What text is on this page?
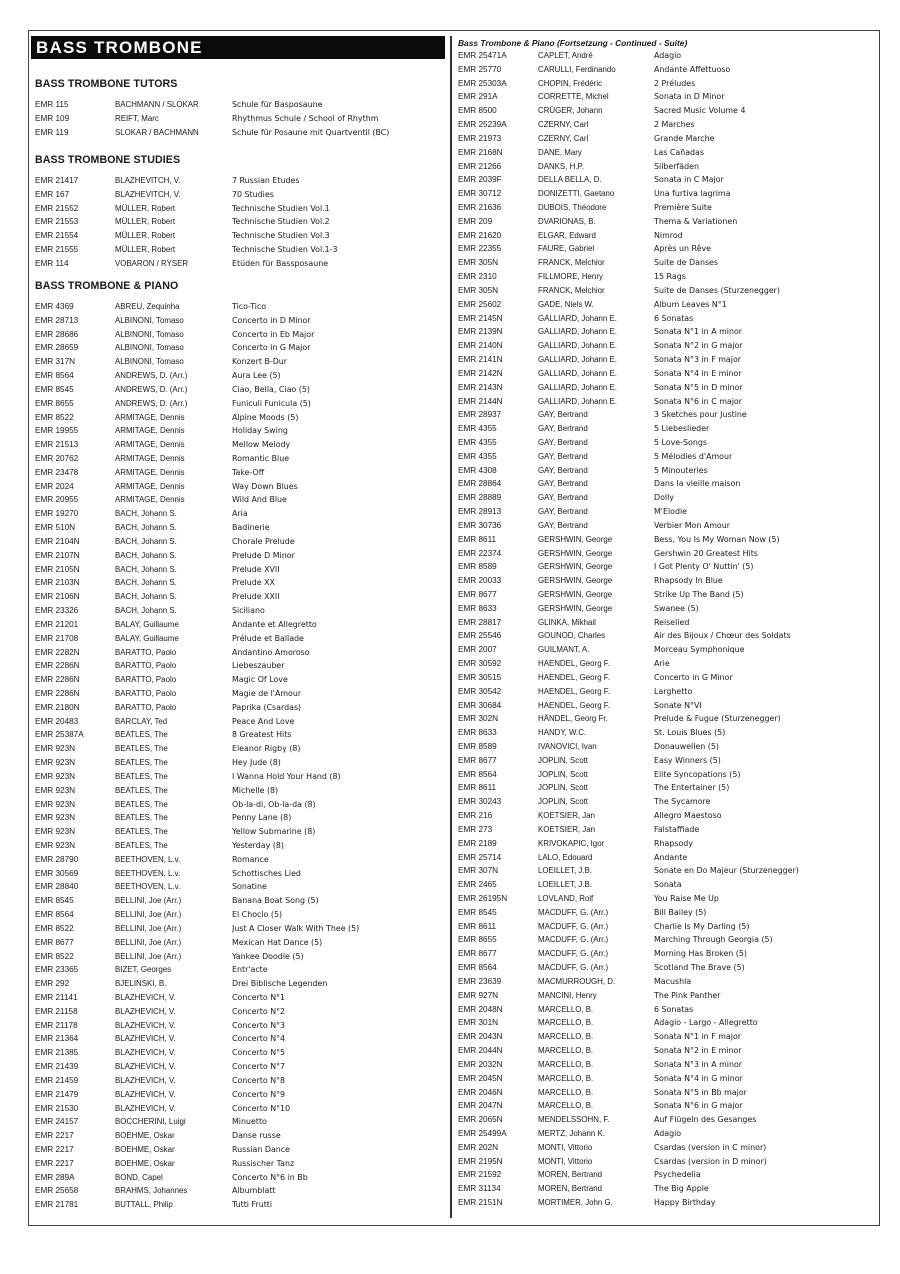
BASS TROMBONE
BASS TROMBONE TUTORS
EMR 115	BACHMANN / SLOKAR	Schule für Basposaune
EMR 109	REIFT, Marc	Rhythmus Schule / School of Rhythm
EMR 119	SLOKAR / BACHMANN	Schule für Posaune mit Quartventil (BC)
BASS TROMBONE STUDIES
EMR 21417	BLAZHEVITCH, V.	7 Russian Etudes
EMR 167	BLAZHEVITCH, V.	70 Studies
EMR 21552	MÜLLER, Robert	Technische Studien Vol.1
EMR 21553	MÜLLER, Robert	Technische Studien Vol.2
EMR 21554	MÜLLER, Robert	Technische Studien Vol.3
EMR 21555	MÜLLER, Robert	Technische Studien Vol.1-3
EMR 114	VOBARON / RYSER	Etüden für Bassposaune
BASS TROMBONE & PIANO
EMR 4369	ABREU, Zequinha	Tico-Tico
EMR 28713	ALBINONI, Tomaso	Concerto in D Minor
EMR 28686	ALBINONI, Tomaso	Concerto in Eb Major
EMR 28659	ALBINONI, Tomaso	Concerto in G Major
EMR 317N	ALBINONI, Tomaso	Konzert B-Dur
EMR 8564	ANDREWS, D. (Arr.)	Aura Lee (5)
EMR 8545	ANDREWS, D. (Arr.)	Ciao, Bella, Ciao (5)
EMR 8655	ANDREWS, D. (Arr.)	Funiculi Funicula (5)
EMR 8522	ARMITAGE, Dennis	Alpine Moods (5)
EMR 19955	ARMITAGE, Dennis	Holiday Swing
EMR 21513	ARMITAGE, Dennis	Mellow Melody
EMR 20762	ARMITAGE, Dennis	Romantic Blue
EMR 23478	ARMITAGE, Dennis	Take-Off
EMR 2024	ARMITAGE, Dennis	Way Down Blues
EMR 20955	ARMITAGE, Dennis	Wild And Blue
EMR 19270	BACH, Johann S.	Aria
EMR 510N	BACH, Johann S.	Badinerie
EMR 2104N	BACH, Johann S.	Chorale Prelude
EMR 2107N	BACH, Johann S.	Prelude D Minor
EMR 2105N	BACH, Johann S.	Prelude XVII
EMR 2103N	BACH, Johann S.	Prelude XX
EMR 2106N	BACH, Johann S.	Prelude XXII
EMR 23326	BACH, Johann S.	Siciliano
EMR 21201	BALAY, Guillaume	Andante et Allegretto
EMR 21708	BALAY, Guillaume	Prélude et Ballade
EMR 2282N	BARATTO, Paolo	Andantino Amoroso
EMR 2286N	BARATTO, Paolo	Liebeszauber
EMR 2286N	BARATTO, Paolo	Magic Of Love
EMR 2286N	BARATTO, Paolo	Magie de l'Amour
EMR 2180N	BARATTO, Paolo	Paprika (Csardas)
EMR 20483	BARCLAY, Ted	Peace And Love
EMR 25387A	BEATLES, The	8 Greatest Hits
EMR 923N	BEATLES, The	Eleanor Rigby (8)
EMR 923N	BEATLES, The	Hey Jude (8)
EMR 923N	BEATLES, The	I Wanna Hold Your Hand (8)
EMR 923N	BEATLES, The	Michelle (8)
EMR 923N	BEATLES, The	Ob-la-di, Ob-la-da (8)
EMR 923N	BEATLES, The	Penny Lane (8)
EMR 923N	BEATLES, The	Yellow Submarine (8)
EMR 923N	BEATLES, The	Yesterday (8)
EMR 28790	BEETHOVEN, L.v.	Romance
EMR 30569	BEETHOVEN, L.v.	Schottisches Lied
EMR 28840	BEETHOVEN, L.v.	Sonatine
EMR 8545	BELLINI, Joe (Arr.)	Banana Boat Song (5)
EMR 8564	BELLINI, Joe (Arr.)	El Choclo (5)
EMR 8522	BELLINI, Joe (Arr.)	Just A Closer Walk With Thee (5)
EMR 8677	BELLINI, Joe (Arr.)	Mexican Hat Dance (5)
EMR 8522	BELLINI, Joe (Arr.)	Yankee Doodle (5)
EMR 23365	BIZET, Georges	Entr'acte
EMR 292	BJELINSKI, B.	Drei Biblische Legenden
EMR 21141	BLAZHEVICH, V.	Concerto N°1
EMR 21158	BLAZHEVICH, V.	Concerto N°2
EMR 21178	BLAZHEVICH, V.	Concerto N°3
EMR 21364	BLAZHEVICH, V.	Concerto N°4
EMR 21385	BLAZHEVICH, V.	Concerto N°5
EMR 21439	BLAZHEVICH, V.	Concerto N°7
EMR 21459	BLAZHEVICH, V.	Concerto N°8
EMR 21479	BLAZHEVICH, V.	Concerto N°9
EMR 21530	BLAZHEVICH, V.	Concerto N°10
EMR 24157	BOCCHERINI, Luigi	Minuetto
EMR 2217	BOEHME, Oskar	Danse russe
EMR 2217	BOEHME, Oskar	Russian Dance
EMR 2217	BOEHME, Oskar	Russischer Tanz
EMR 289A	BOND, Capel	Concerto N°6 in Bb
EMR 25658	BRAHMS, Johannes	Albumblatt
EMR 21781	BUTTALL, Philip	Tutti Frutti
Bass Trombone & Piano (Fortsetzung - Continued - Suite)
EMR 25471A	CAPLET, André	Adagio
EMR 25770	CARULLI, Ferdinando	Andante Affettuoso
EMR 25303A	CHOPIN, Frédéric	2 Préludes
EMR 291A	CORRETTE, Michel	Sonata in D Minor
EMR 8500	CRÜGER, Johann	Sacred Music Volume 4
EMR 25239A	CZERNY, Carl	2 Marches
EMR 21973	CZERNY, Carl	Grande Marche
EMR 2168N	DANE, Mary	Las Cañadas
EMR 21266	DANKS, H.P.	Silberfäden
EMR 2039F	DELLA BELLA, D.	Sonata in C Major
EMR 30712	DONIZETTI, Gaetano	Una furtiva lagrima
EMR 21636	DUBOIS, Théodore	Première Suite
EMR 209	DVARIONAS, B.	Thema & Variationen
EMR 21620	ELGAR, Edward	Nimrod
EMR 22355	FAURE, Gabriel	Après un Rêve
EMR 305N	FRANCK, Melchior	Suite de Danses
EMR 2310	FILLMORE, Henry	15 Rags
EMR 305N	FRANCK, Melchior	Suite de Danses (Sturzenegger)
EMR 25602	GADE, Niels W.	Album Leaves N°1
EMR 2145N	GALLIARD, Johann E.	6 Sonatas
EMR 2139N	GALLIARD, Johann E.	Sonata N°1 in A minor
EMR 2140N	GALLIARD, Johann E.	Sonata N°2 in G major
EMR 2141N	GALLIARD, Johann E.	Sonata N°3 in F major
EMR 2142N	GALLIARD, Johann E.	Sonata N°4 in E minor
EMR 2143N	GALLIARD, Johann E.	Sonata N°5 in D minor
EMR 2144N	GALLIARD, Johann E.	Sonata N°6 in C major
EMR 28937	GAY, Bertrand	3 Sketches pour Justine
EMR 4355	GAY, Bertrand	5 Liebeslieder
EMR 4355	GAY, Bertrand	5 Love-Songs
EMR 4355	GAY, Bertrand	5 Mélodies d'Amour
EMR 4308	GAY, Bertrand	5 Minouteries
EMR 28864	GAY, Bertrand	Dans la vieille maison
EMR 28889	GAY, Bertrand	Dolly
EMR 28913	GAY, Bertrand	M'Elodie
EMR 30736	GAY, Bertrand	Verbier Mon Amour
EMR 8611	GERSHWIN, George	Bess, You Is My Woman Now (5)
EMR 22374	GERSHWIN, George	Gershwin 20 Greatest Hits
EMR 8589	GERSHWIN, George	I Got Plenty O' Nuttin' (5)
EMR 20033	GERSHWIN, George	Rhapsody In Blue
EMR 8677	GERSHWIN, George	Strike Up The Band (5)
EMR 8633	GERSHWIN, George	Swanee (5)
EMR 28817	GLINKA, Mikhail	Reiselied
EMR 25546	GOUNOD, Charles	Air des Bijoux / Chœur des Soldats
EMR 2007	GUILMANT, A.	Morceau Symphonique
EMR 30592	HAENDEL, Georg F.	Arie
EMR 30515	HAENDEL, Georg F.	Concerto in G Minor
EMR 30542	HAENDEL, Georg F.	Larghetto
EMR 30684	HAENDEL, Georg F.	Sonate N°VI
EMR 302N	HÄNDEL, Georg Fr.	Prelude & Fugue (Sturzenegger)
EMR 8633	HANDY, W.C.	St. Louis Blues (5)
EMR 8589	IVANOVICI, Ivan	Donauwellen (5)
EMR 8677	JOPLIN, Scott	Easy Winners (5)
EMR 8564	JOPLIN, Scott	Elite Syncopations (5)
EMR 8611	JOPLIN, Scott	The Entertainer (5)
EMR 30243	JOPLIN, Scott	The Sycamore
EMR 216	KOETSIER, Jan	Allegro Maestoso
EMR 273	KOETSIER, Jan	Falstaffiade
EMR 2189	KRIVOKAPIC, Igor	Rhapsody
EMR 25714	LALO, Edouard	Andante
EMR 307N	LOEILLET, J.B.	Sonate en Do Majeur (Sturzenegger)
EMR 2465	LOEILLET, J.B.	Sonata
EMR 26195N	LOVLAND, Rolf	You Raise Me Up
EMR 8545	MACDUFF, G. (Arr.)	Bill Bailey (5)
EMR 8611	MACDUFF, G. (Arr.)	Charlie Is My Darling (5)
EMR 8655	MACDUFF, G. (Arr.)	Marching Through Georgia (5)
EMR 8677	MACDUFF, G. (Arr.)	Morning Has Broken (5)
EMR 8564	MACDUFF, G. (Arr.)	Scotland The Brave (5)
EMR 23639	MACMURROUGH, D.	Macushla
EMR 927N	MANCINI, Henry	The Pink Panther
EMR 2048N	MARCELLO, B.	6 Sonatas
EMR 301N	MARCELLO, B.	Adagio - Largo - Allegretto
EMR 2043N	MARCELLO, B.	Sonata N°1 in F major
EMR 2044N	MARCELLO, B.	Sonata N°2 in E minor
EMR 2032N	MARCELLO, B.	Sonata N°3 in A minor
EMR 2045N	MARCELLO, B.	Sonata N°4 in G minor
EMR 2046N	MARCELLO, B.	Sonata N°5 in Bb major
EMR 2047N	MARCELLO, B.	Sonata N°6 in G major
EMR 2065N	MENDELSSOHN, F.	Auf Flügeln des Gesanges
EMR 25499A	MERTZ, Johann K.	Adagio
EMR 202N	MONTI, Vittorio	Csardas (version in C minor)
EMR 2195N	MONTI, Vittorio	Csardas (version in D minor)
EMR 21592	MOREN, Bertrand	Psychedelia
EMR 31134	MOREN, Bertrand	The Big Apple
EMR 2151N	MORTIMER, John G.	Happy Birthday
